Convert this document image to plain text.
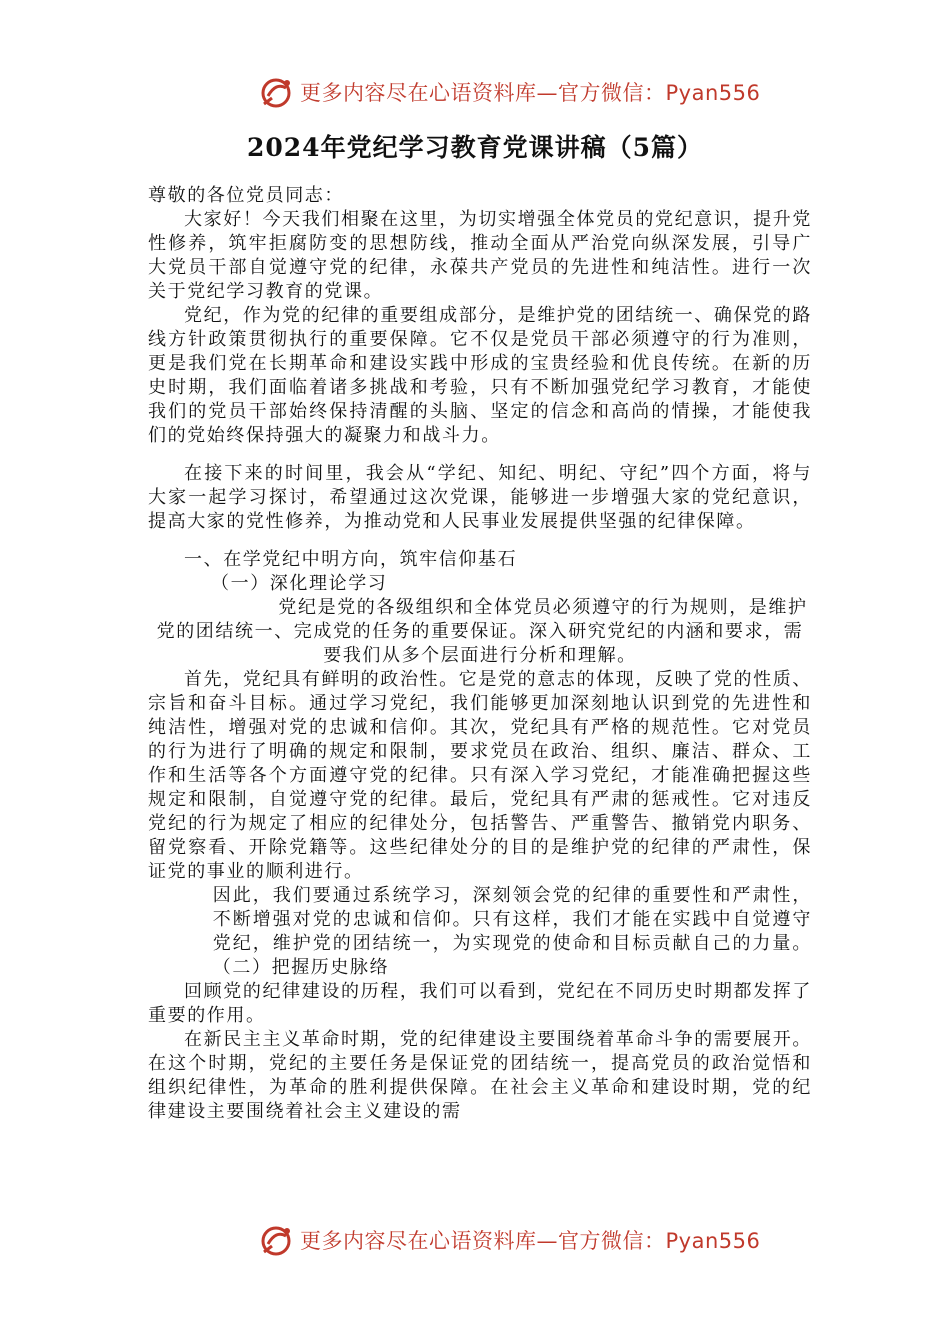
更多内容尽在心语资料库—官方微信：Pyan556
2024年党纪学习教育党课讲稿（5篇）

尊敬的各位党员同志：

大家好！今天我们相聚在这里，为切实增强全体党员的党纪意识，提升党性修养，筑牢拒腐防变的思想防线，推动全面从严治党向纵深发展，引导广大党员干部自觉遵守党的纪律，永葆共产党员的先进性和纯洁性。进行一次关于党纪学习教育的党课。

党纪，作为党的纪律的重要组成部分，是维护党的团结统一、确保党的路线方针政策贯彻执行的重要保障。它不仅是党员干部必须遵守的行为准则，更是我们党在长期革命和建设实践中形成的宝贵经验和优良传统。在新的历史时期，我们面临着诸多挑战和考验，只有不断加强党纪学习教育，才能使我们的党员干部始终保持清醒的头脑、坚定的信念和高尚的情操，才能使我们的党始终保持强大的凝聚力和战斗力。

在接下来的时间里，我会从“学纪、知纪、明纪、守纪”四个方面，将与大家一起学习探讨，希望通过这次党课，能够进一步增强大家的党纪意识，提高大家的党性修养，为推动党和人民事业发展提供坚强的纪律保障。

一、在学党纪中明方向，筑牢信仰基石

（一）深化理论学习

党纪是党的各级组织和全体党员必须遵守的行为规则，是维护党的团结统一、完成党的任务的重要保证。深入研究党纪的内涵和要求，需要我们从多个层面进行分析和理解。

首先，党纪具有鲜明的政治性。它是党的意志的体现，反映了党的性质、宗旨和奋斗目标。通过学习党纪，我们能够更加深刻地认识到党的先进性和纯洁性，增强对党的忠诚和信仰。其次，党纪具有严格的规范性。它对党员的行为进行了明确的规定和限制，要求党员在政治、组织、廉洁、群众、工作和生活等各个方面遵守党的纪律。只有深入学习党纪，才能准确把握这些规定和限制，自觉遵守党的纪律。最后，党纪具有严肃的惩戒性。它对违反党纪的行为规定了相应的纪律处分，包括警告、严重警告、撤销党内职务、留党察看、开除党籍等。这些纪律处分的目的是维护党的纪律的严肃性，保证党的事业的顺利进行。

因此，我们要通过系统学习，深刻领会党的纪律的重要性和严肃性，不断增强对党的忠诚和信仰。只有这样，我们才能在实践中自觉遵守党纪，维护党的团结统一，为实现党的使命和目标贡献自己的力量。（二）把握历史脉络

回顾党的纪律建设的历程，我们可以看到，党纪在不同历史时期都发挥了重要的作用。

在新民主主义革命时期，党的纪律建设主要围绕着革命斗争的需要展开。在这个时期，党纪的主要任务是保证党的团结统一，提高党员的政治觉悟和组织纪律性，为革命的胜利提供保障。在社会主义革命和建设时期，党的纪律建设主要围绕着社会主义建设的需

更多内容尽在心语资料库—官方微信：Pyan556
